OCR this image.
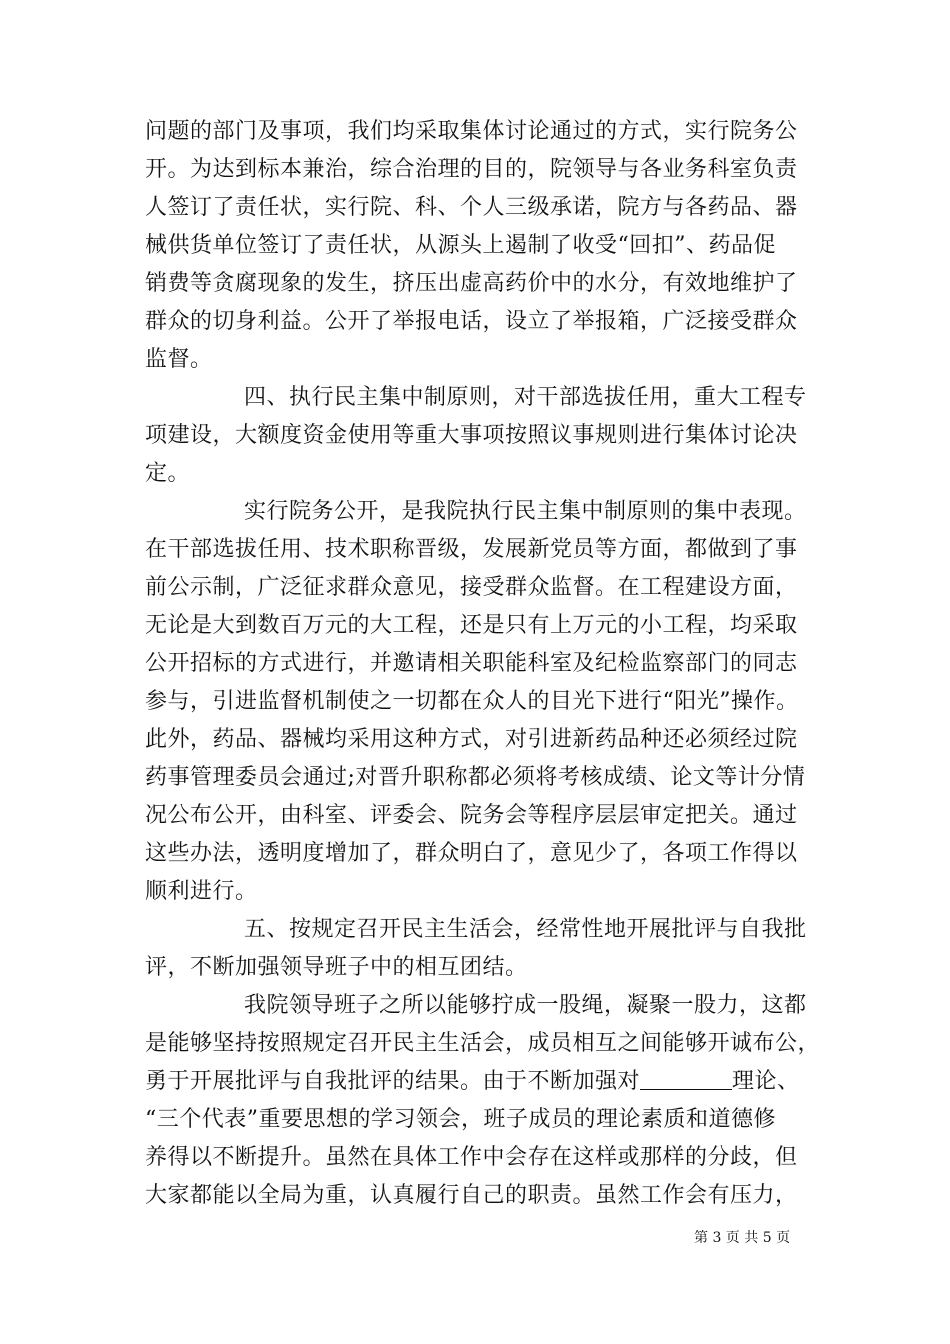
问题的部门及事项，我们均采取集体讨论通过的方式，实行院务公
开。为达到标本兼治，综合治理的目的，院领导与各业务科室负责
人签订了责任状，实行院、科、个人三级承诺，院方与各药品、器
械供货单位签订了责任状，从源头上遏制了收受“回扣”、药品促
销费等贪腐现象的发生，挤压出虚高药价中的水分，有效地维护了
群众的切身利益。公开了举报电话，设立了举报箱，广泛接受群众
监督。
四、执行民主集中制原则，对干部选拔任用，重大工程专
项建设，大额度资金使用等重大事项按照议事规则进行集体讨论决
定。
实行院务公开，是我院执行民主集中制原则的集中表现。
在干部选拔任用、技术职称晋级，发展新党员等方面，都做到了事
前公示制，广泛征求群众意见，接受群众监督。在工程建设方面，
无论是大到数百万元的大工程，还是只有上万元的小工程，均采取
公开招标的方式进行，并邀请相关职能科室及纪检监察部门的同志
参与，引进监督机制使之一切都在众人的目光下进行“阳光”操作。
此外，药品、器械均采用这种方式，对引进新药品种还必须经过院
药事管理委员会通过;对晋升职称都必须将考核成绩、论文等计分情
况公布公开，由科室、评委会、院务会等程序层层审定把关。通过
这些办法，透明度增加了，群众明白了，意见少了，各项工作得以
顺利进行。
五、按规定召开民主生活会，经常性地开展批评与自我批
评，不断加强领导班子中的相互团结。
我院领导班子之所以能够拧成一股绳，凝聚一股力，这都
是能够坚持按照规定召开民主生活会，成员相互之间能够开诚布公，
勇于开展批评与自我批评的结果。由于不断加强对	理论、
“三个代表”重要思想的学习领会，班子成员的理论素质和道德修
养得以不断提升。虽然在具体工作中会存在这样或那样的分歧，但
大家都能以全局为重，认真履行自己的职责。虽然工作会有压力，
第 3 页 共 5 页
